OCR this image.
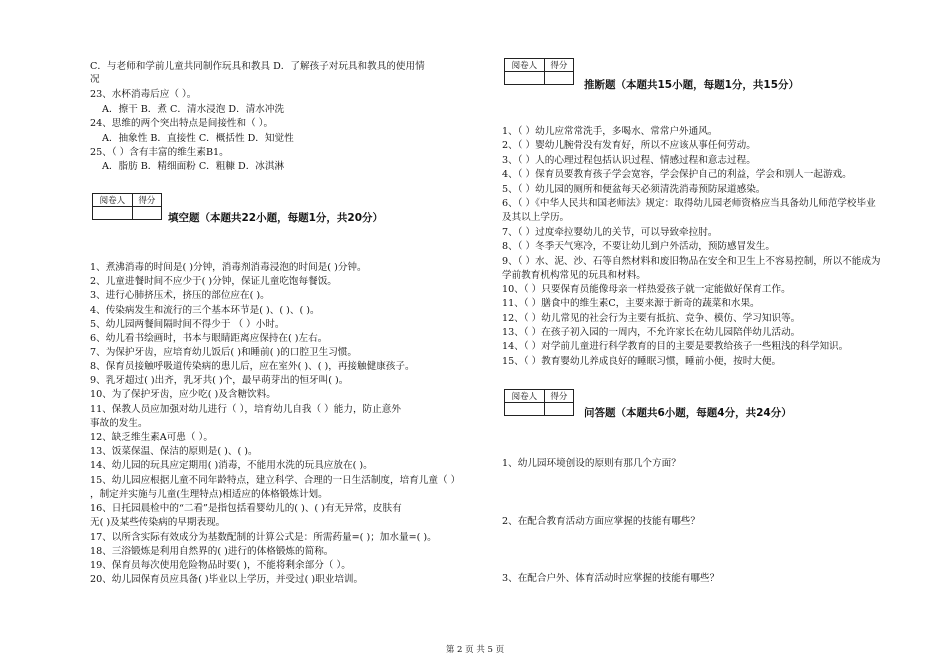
C．与老师和学前儿童共同制作玩具和教具 D．了解孩子对玩具和教具的使用情
况
23、水杯消毒后应（ ）。
A．擦干 B．煮 C．清水浸泡 D．清水冲洗
24、思维的两个突出特点是间接性和（ ）。
A．抽象性 B．直接性 C．概括性 D．知觉性
25、（ ）含有丰富的维生素B1。
A．脂肪 B．精细面粉 C．粗糠 D．冰淇淋
阅卷人	得分

填空题（本题共22小题，每题1分，共20分）
1、煮沸消毒的时间是( )分钟，消毒剂消毒浸泡的时间是( )分钟。
2、儿童进餐时间不应少于( )分钟，保证儿童吃饱每餐饭。
3、进行心肺挤压术，挤压的部位应在( )。
4、传染病发生和流行的三个基本环节是( )、( )、( )。
5、幼儿园两餐间隔时间不得少于 （ ）小时。
6、幼儿看书绘画时，书本与眼睛距离应保持在( )左右。
7、为保护牙齿，应培育幼儿饭后( )和睡前( )的口腔卫生习惯。
8、保育员接触呼吸道传染病的患儿后，应在室外( )、( )，再接触健康孩子。
9、乳牙超过( )出齐，乳牙共( )个，最早萌芽出的恒牙叫( )。
10、为了保护牙齿，应少吃( )及含糖饮料。
11、保教人员应加强对幼儿进行（ ），培育幼儿自我（ ）能力，防止意外
事故的发生。
12、缺乏维生素A可患（ ）。
13、饭菜保温、保洁的原则是( )、( )。
14、幼儿园的玩具应定期用( )消毒，不能用水洗的玩具应放在( )。
15、幼儿园应根据儿童不同年龄特点，建立科学、合理的一日生活制度，培育儿童（ ）
，制定并实施与儿童(生理特点)相适应的体格锻炼计划。
16、日托园晨检中的“二看”是指包括看婴幼儿的( )、( )有无异常，皮肤有
无( )及某些传染病的早期表现。
17、以所含实际有效成分为基数配制的计算公式是：所需药量=( )；加水量=( )。
18、三浴锻炼是利用自然界的( )进行的体格锻炼的简称。
19、保育员每次使用危险物品时要( )，不能将剩余部分（ ）。
20、幼儿园保育员应具备( )毕业以上学历，并受过( )职业培训。
阅卷人	得分

推断题（本题共15小题，每题1分，共15分）
1、（ ）幼儿应常常洗手，多喝水、常常户外通风。
2、（ ）婴幼儿腕骨没有发育好，所以不应该从事任何劳动。
3、（ ）人的心理过程包括认识过程、情感过程和意志过程。
4、（ ）保育员要教育孩子学会宽容，学会保护自己的利益，学会和别人一起游戏。
5、（ ）幼儿园的厕所和便盆每天必须清洗消毒预防尿道感染。
6、（ ）《中华人民共和国老师法》规定：取得幼儿园老师资格应当具备幼儿师范学校毕业
及其以上学历。
7、（ ）过度牵拉婴幼儿的关节，可以导致牵拉肘。
8、（ ）冬季天气寒冷，不要让幼儿到户外活动，预防感冒发生。
9、（ ）水、泥、沙、石等自然材料和废旧物品在安全和卫生上不容易控制，所以不能成为
学前教育机构常见的玩具和材料。
10、（ ）只要保育员能像母亲一样热爱孩子就一定能做好保育工作。
11、（ ）膳食中的维生素C，主要来源于新奇的蔬菜和水果。
12、（ ）幼儿常见的社会行为主要有抵抗、竞争、模仿、学习知识等。
13、（ ）在孩子初入园的一周内，不允许家长在幼儿园陪伴幼儿活动。
14、（ ）对学前儿童进行科学教育的目的主要是要教给孩子一些粗浅的科学知识。
15、（ ）教育婴幼儿养成良好的睡眠习惯，睡前小便，按时大便。
阅卷人	得分

问答题（本题共6小题，每题4分，共24分）
1、幼儿园环境创设的原则有那几个方面？
2、在配合教育活动方面应掌握的技能有哪些？
3、在配合户外、体育活动时应掌握的技能有哪些？
第 2 页 共 5 页
